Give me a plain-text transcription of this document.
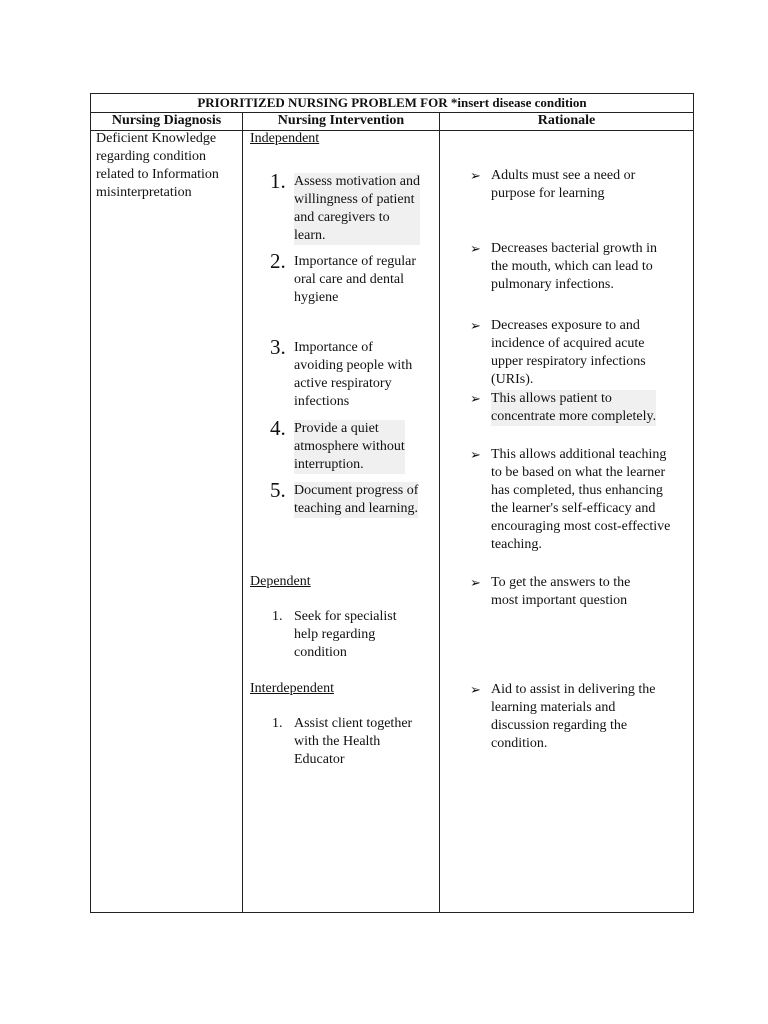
PRIORITIZED NURSING PROBLEM FOR *insert disease condition
Nursing Diagnosis	Nursing Intervention	Rationale
Deficient Knowledge
regarding condition
related to Information
misinterpretation
Independent
1. Assess motivation and
willingness of patient
and caregivers to
learn.
2. Importance of regular
oral care and dental
hygiene
3. Importance of
avoiding people with
active respiratory
infections
4. Provide a quiet
atmosphere without
interruption.
5. Document progress of
teaching and learning.
Dependent
1. Seek for specialist
help regarding
condition
Interdependent
1. Assist client together
with the Health
Educator
➢ Adults must see a need or
purpose for learning
➢ Decreases bacterial growth in
the mouth, which can lead to
pulmonary infections.
➢ Decreases exposure to and
incidence of acquired acute
upper respiratory infections
(URIs).
➢ This allows patient to
concentrate more completely.
➢ This allows additional teaching
to be based on what the learner
has completed, thus enhancing
the learner's self-efficacy and
encouraging most cost-effective
teaching.
➢ To get the answers to the
most important question
➢ Aid to assist in delivering the
learning materials and
discussion regarding the
condition.
